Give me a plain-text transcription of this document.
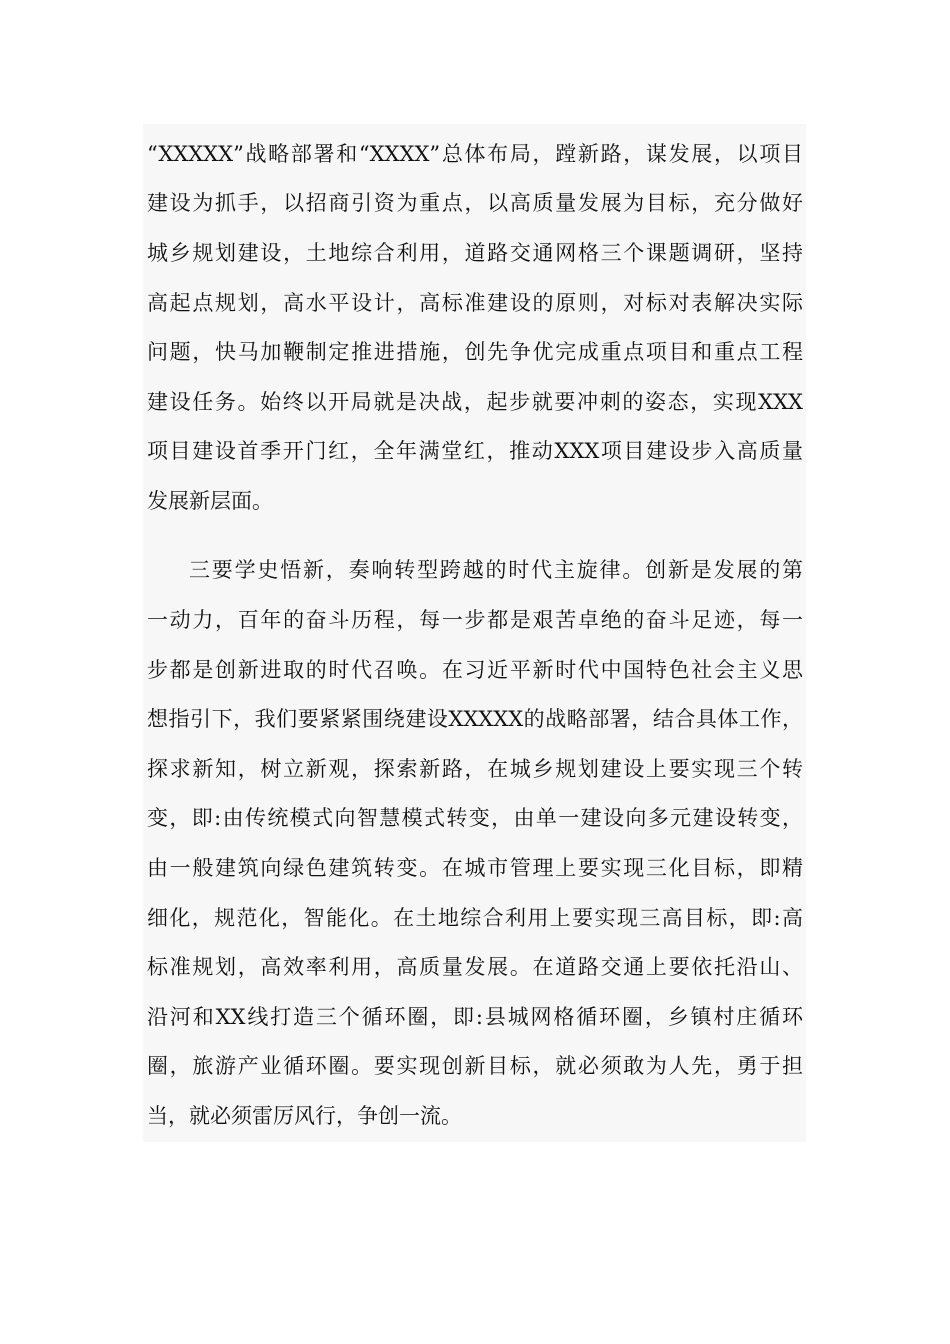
“XXXXX”战略部署和“XXXX”总体布局，蹚新路，谋发展，以项目
建设为抓手，以招商引资为重点，以高质量发展为目标，充分做好
城乡规划建设，土地综合利用，道路交通网格三个课题调研，坚持
高起点规划，高水平设计，高标准建设的原则，对标对表解决实际
问题，快马加鞭制定推进措施，创先争优完成重点项目和重点工程
建设任务。始终以开局就是决战，起步就要冲刺的姿态，实现XXX
项目建设首季开门红，全年满堂红，推动XXX项目建设步入高质量
发展新层面。
三要学史悟新，奏响转型跨越的时代主旋律。创新是发展的第
一动力，百年的奋斗历程，每一步都是艰苦卓绝的奋斗足迹，每一
步都是创新进取的时代召唤。在习近平新时代中国特色社会主义思
想指引下，我们要紧紧围绕建设XXXXX的战略部署，结合具体工作，
探求新知，树立新观，探索新路，在城乡规划建设上要实现三个转
变，即:由传统模式向智慧模式转变，由单一建设向多元建设转变，
由一般建筑向绿色建筑转变。在城市管理上要实现三化目标，即精
细化，规范化，智能化。在土地综合利用上要实现三高目标，即:高
标准规划，高效率利用，高质量发展。在道路交通上要依托沿山、
沿河和XX线打造三个循环圈，即:县城网格循环圈，乡镇村庄循环
圈，旅游产业循环圈。要实现创新目标，就必须敢为人先，勇于担
当，就必须雷厉风行，争创一流。
